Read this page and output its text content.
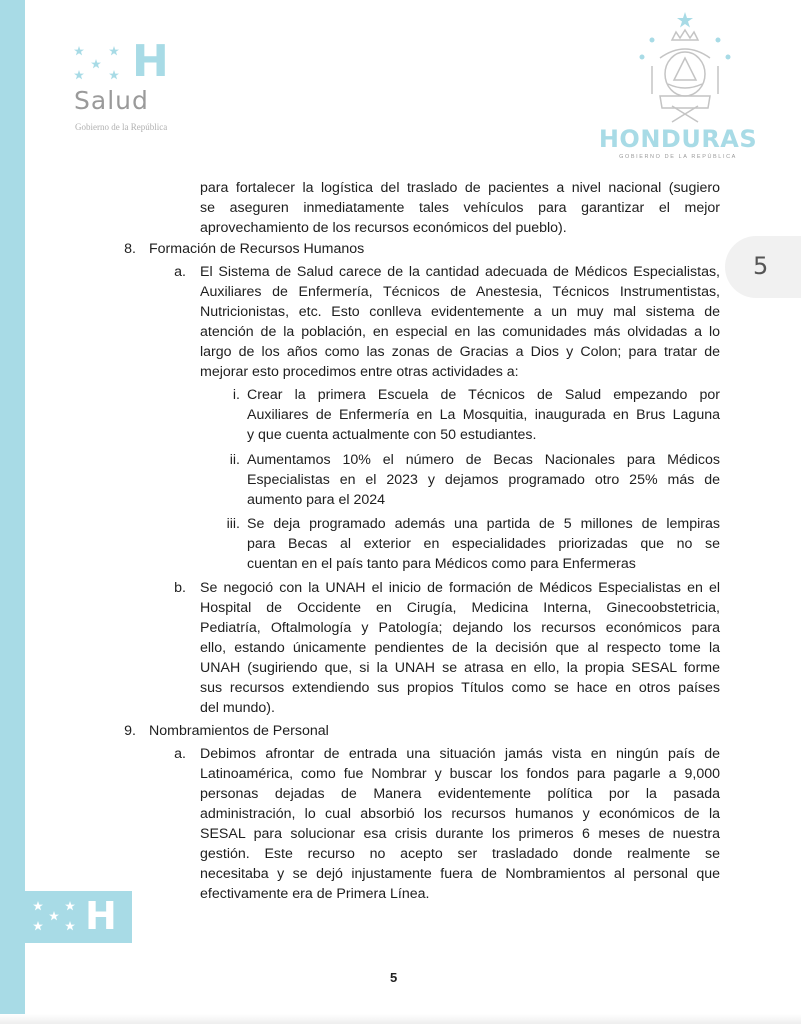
H
Salud
Gobierno de la República	HONDURAS
GOBIERNO DE LA REPÚBLICA
5
H
para fortalecer la logística del traslado de pacientes a nivel nacional (sugiero
se aseguren inmediatamente tales vehículos para garantizar el mejor
aprovechamiento de los recursos económicos del pueblo).
8. Formación de Recursos Humanos
a. El Sistema de Salud carece de la cantidad adecuada de Médicos Especialistas,
Auxiliares de Enfermería, Técnicos de Anestesia, Técnicos Instrumentistas,
Nutricionistas, etc. Esto conlleva evidentemente a un muy mal sistema de
atención de la población, en especial en las comunidades más olvidadas a lo
largo de los años como las zonas de Gracias a Dios y Colon; para tratar de
mejorar esto procedimos entre otras actividades a:
i. Crear la primera Escuela de Técnicos de Salud empezando por
Auxiliares de Enfermería en La Mosquitia, inaugurada en Brus Laguna
y que cuenta actualmente con 50 estudiantes.
ii. Aumentamos 10% el número de Becas Nacionales para Médicos
Especialistas en el 2023 y dejamos programado otro 25% más de
aumento para el 2024
iii. Se deja programado además una partida de 5 millones de lempiras
para Becas al exterior en especialidades priorizadas que no se
cuentan en el país tanto para Médicos como para Enfermeras
b. Se negoció con la UNAH el inicio de formación de Médicos Especialistas en el
Hospital de Occidente en Cirugía, Medicina Interna, Ginecoobstetricia,
Pediatría, Oftalmología y Patología; dejando los recursos económicos para
ello, estando únicamente pendientes de la decisión que al respecto tome la
UNAH (sugiriendo que, si la UNAH se atrasa en ello, la propia SESAL forme
sus recursos extendiendo sus propios Títulos como se hace en otros países
del mundo).
9. Nombramientos de Personal
a. Debimos afrontar de entrada una situación jamás vista en ningún país de
Latinoamérica, como fue Nombrar y buscar los fondos para pagarle a 9,000
personas dejadas de Manera evidentemente política por la pasada
administración, lo cual absorbió los recursos humanos y económicos de la
SESAL para solucionar esa crisis durante los primeros 6 meses de nuestra
gestión. Este recurso no acepto ser trasladado donde realmente se
necesitaba y se dejó injustamente fuera de Nombramientos al personal que
efectivamente era de Primera Línea.
5
